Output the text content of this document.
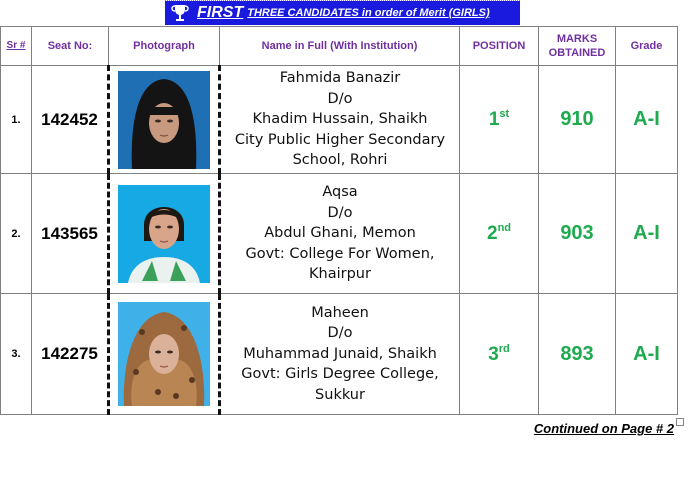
FIRST THREE CANDIDATES in order of Merit (GIRLS)
Sr #	Seat No:	Photograph	Name in Full (With Institution)	POSITION	MARKS OBTAINED	Grade
1.	142452		Fahmida Banazir
D/o
Khadim Hussain, Shaikh
City Public Higher Secondary
School, Rohri	1st	910	A-I
2.	143565		Aqsa
D/o
Abdul Ghani, Memon
Govt: College For Women,
Khairpur	2nd	903	A-I
3.	142275		Maheen
D/o
Muhammad Junaid, Shaikh
Govt: Girls Degree College,
Sukkur	3rd	893	A-I
Continued on Page # 2
